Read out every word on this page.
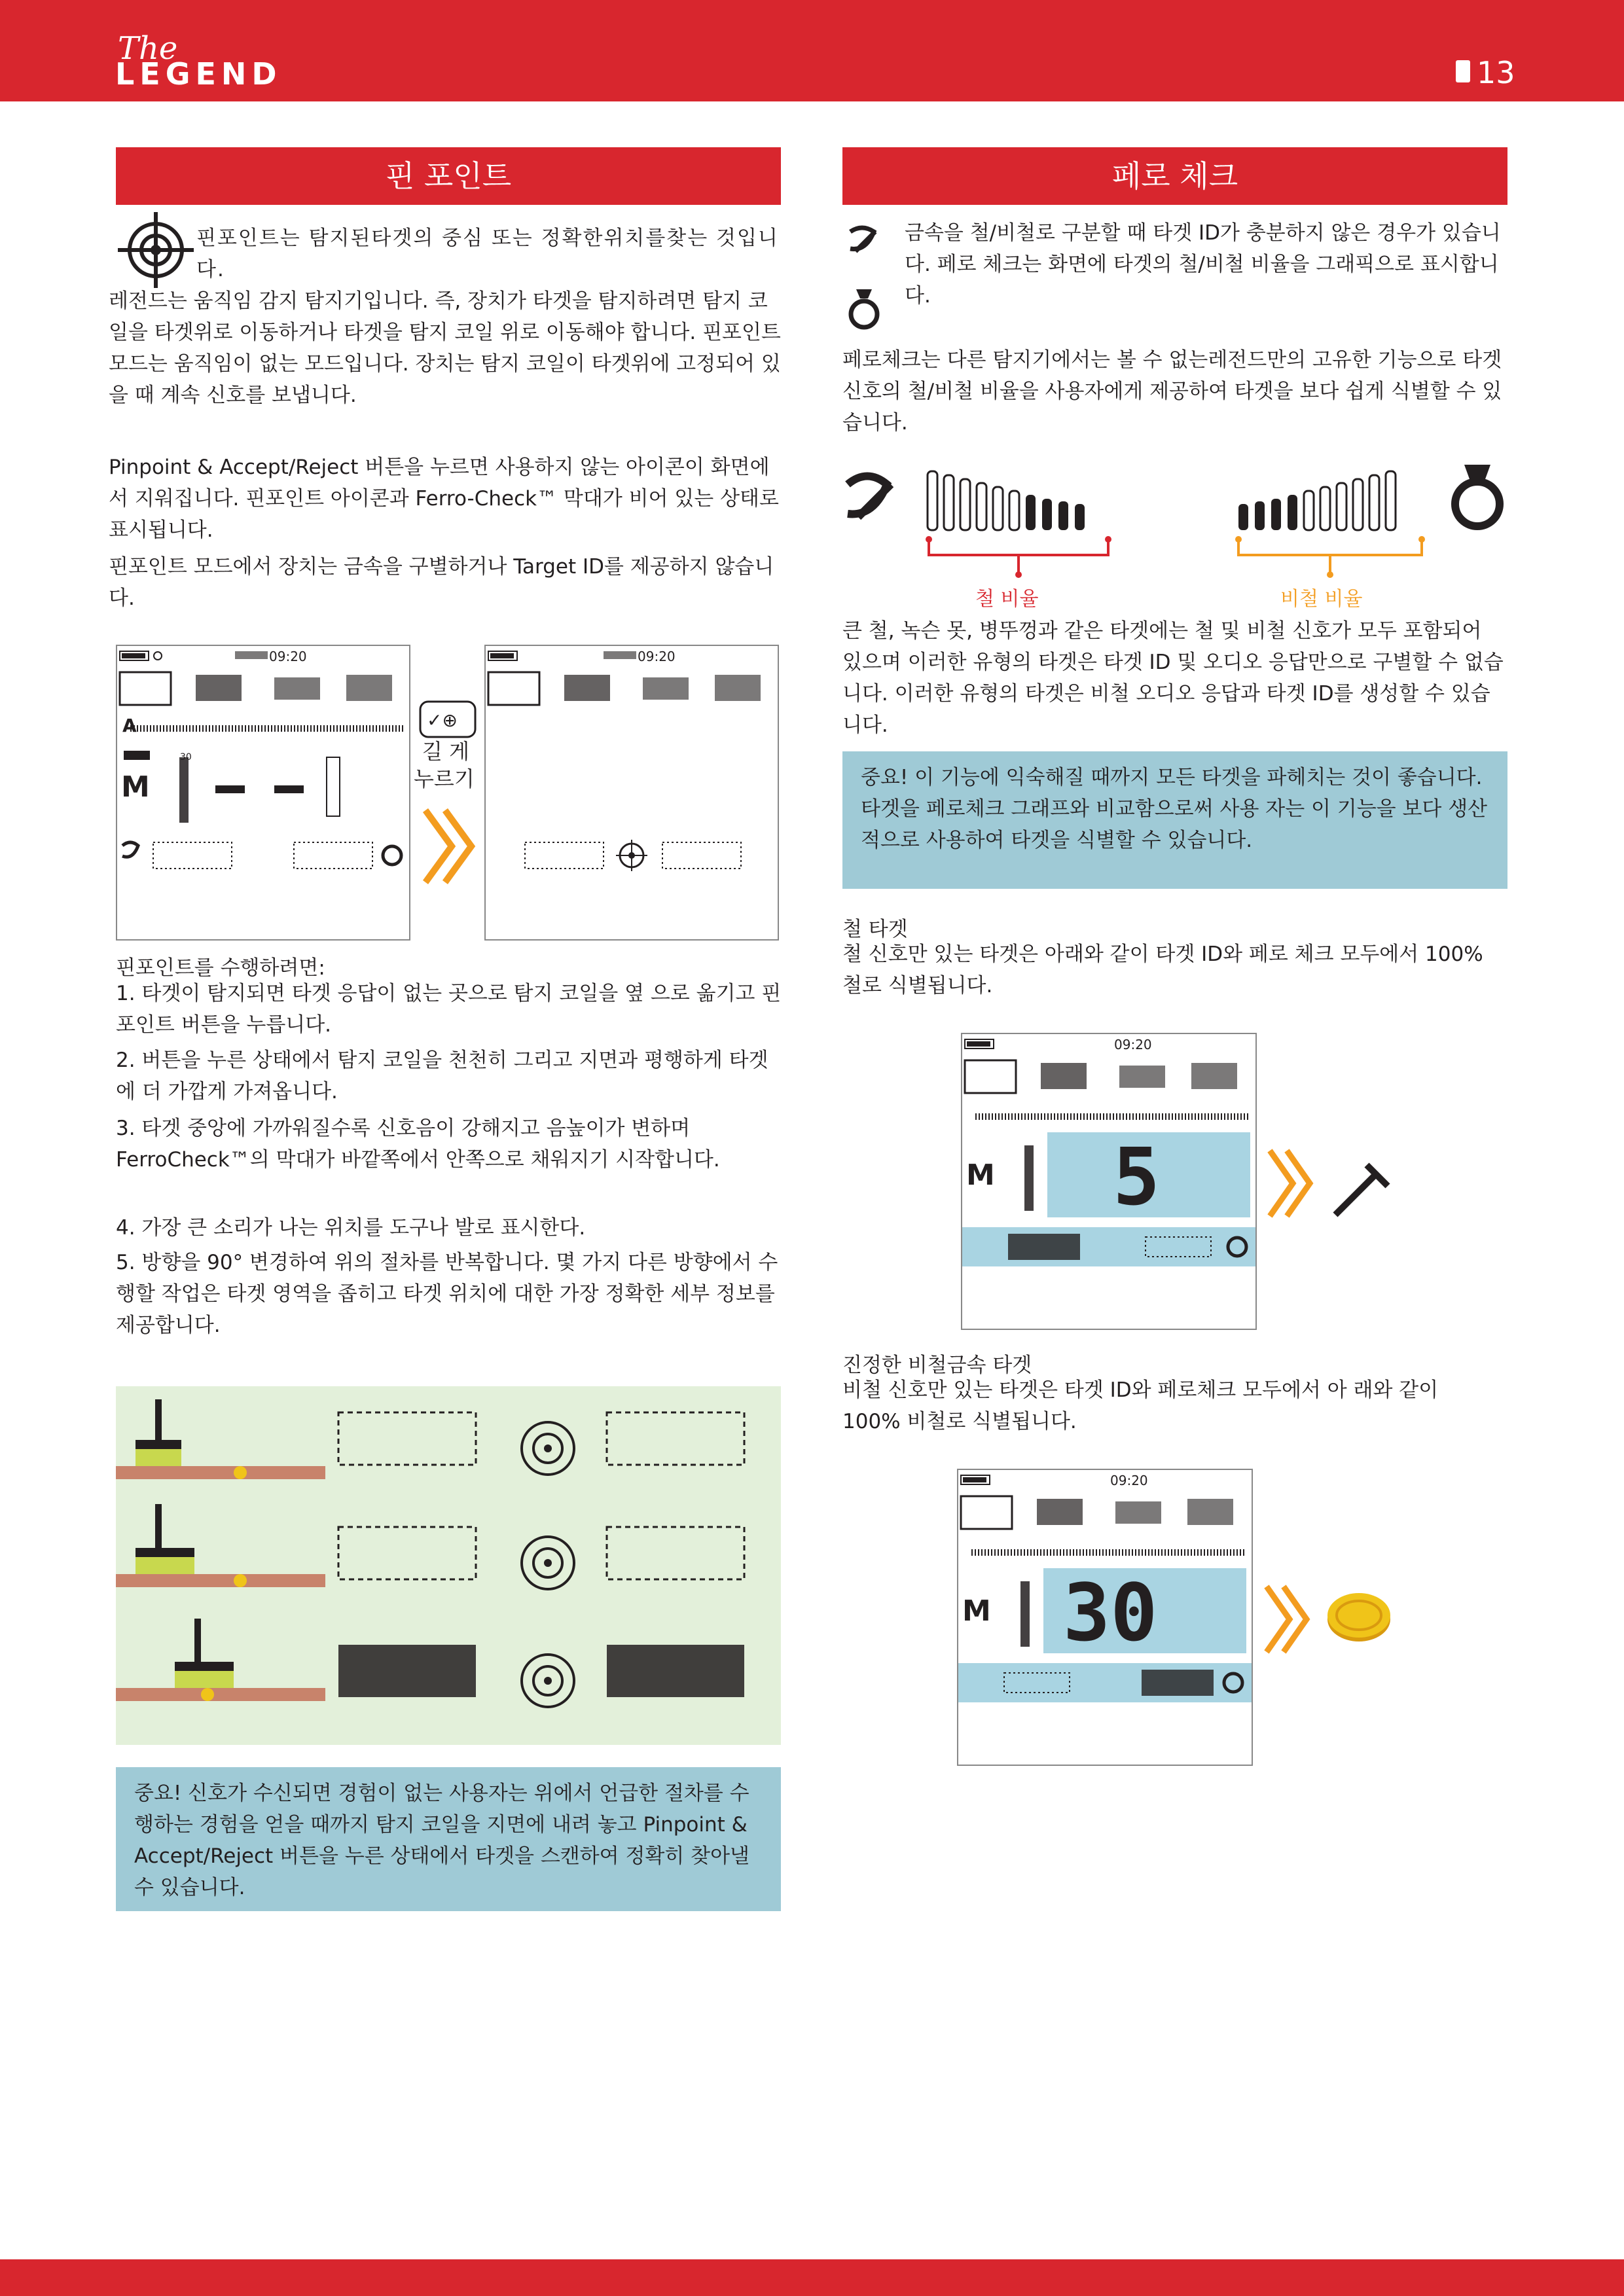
The
LEGEND	13
핀 포인트
핀포인트는 탐지된타겟의 중심 또는 정확한위치를찾는 것입니다.
레전드는 움직임 감지 탐지기입니다. 즉, 장치가 타겟을 탐지하려면 탐지 코일을 타겟위로 이동하거나 타겟을 탐지 코일 위로 이동해야 합니다. 핀포인트 모드는 움직임이 없는 모드입니다. 장치는 탐지 코일이 타겟위에 고정되어 있을 때 계속 신호를 보냅니다.
Pinpoint & Accept/Reject 버튼을 누르면 사용하지 않는 아이콘이 화면에서 지워집니다. 핀포인트 아이콘과 Ferro-Check™ 막대가 비어 있는 상태로 표시됩니다.
핀포인트 모드에서 장치는 금속을 구별하거나 Target ID를 제공하지 않습니다.
09:20
A
M
30
✓⊕
길 게
누르기
09:20
핀포인트를 수행하려면:
1. 타겟이 탐지되면 타겟 응답이 없는 곳으로 탐지 코일을 옆 으로 옮기고 핀포인트 버튼을 누릅니다.
2. 버튼을 누른 상태에서 탐지 코일을 천천히 그리고 지면과 평행하게 타겟에 더 가깝게 가져옵니다.
3. 타겟 중앙에 가까워질수록 신호음이 강해지고 음높이가 변하며 FerroCheck™의 막대가 바깥쪽에서 안쪽으로 채워지기 시작합니다.
4. 가장 큰 소리가 나는 위치를 도구나 발로 표시한다.
5. 방향을 90° 변경하여 위의 절차를 반복합니다. 몇 가지 다른 방향에서 수행할 작업은 타겟 영역을 좁히고 타겟 위치에 대한 가장 정확한 세부 정보를 제공합니다.
중요! 신호가 수신되면 경험이 없는 사용자는 위에서 언급한 절차를 수행하는 경험을 얻을 때까지 탐지 코일을 지면에 내려 놓고 Pinpoint & Accept/Reject 버튼을 누른 상태에서 타겟을 스캔하여 정확히 찾아낼 수 있습니다.
페로 체크
금속을 철/비철로 구분할 때 타겟 ID가 충분하지 않은 경우가 있습니다. 페로 체크는 화면에 타겟의 철/비철 비율을 그래픽으로 표시합니다.
페로체크는 다른 탐지기에서는 볼 수 없는레전드만의 고유한 기능으로 타겟신호의 철/비철 비율을 사용자에게 제공하여 타겟을 보다 쉽게 식별할 수 있습니다.
철 비율	비철 비율
큰 철, 녹슨 못, 병뚜껑과 같은 타겟에는 철 및 비철 신호가 모두 포함되어 있으며 이러한 유형의 타겟은 타겟 ID 및 오디오 응답만으로 구별할 수 없습니다. 이러한 유형의 타겟은 비철 오디오 응답과 타겟 ID를 생성할 수 있습니다.
중요! 이 기능에 익숙해질 때까지 모든 타겟을 파헤치는 것이 좋습니다. 타겟을 페로체크 그래프와 비교함으로써 사용 자는 이 기능을 보다 생산적으로 사용하여 타겟을 식별할 수 있습니다.
철 타겟
철 신호만 있는 타겟은 아래와 같이 타겟 ID와 페로 체크 모두에서 100% 철로 식별됩니다.
09:20
M 5
진정한 비철금속 타겟
비철 신호만 있는 타겟은 타겟 ID와 페로체크 모두에서 아 래와 같이 100% 비철로 식별됩니다.
09:20
M 30
